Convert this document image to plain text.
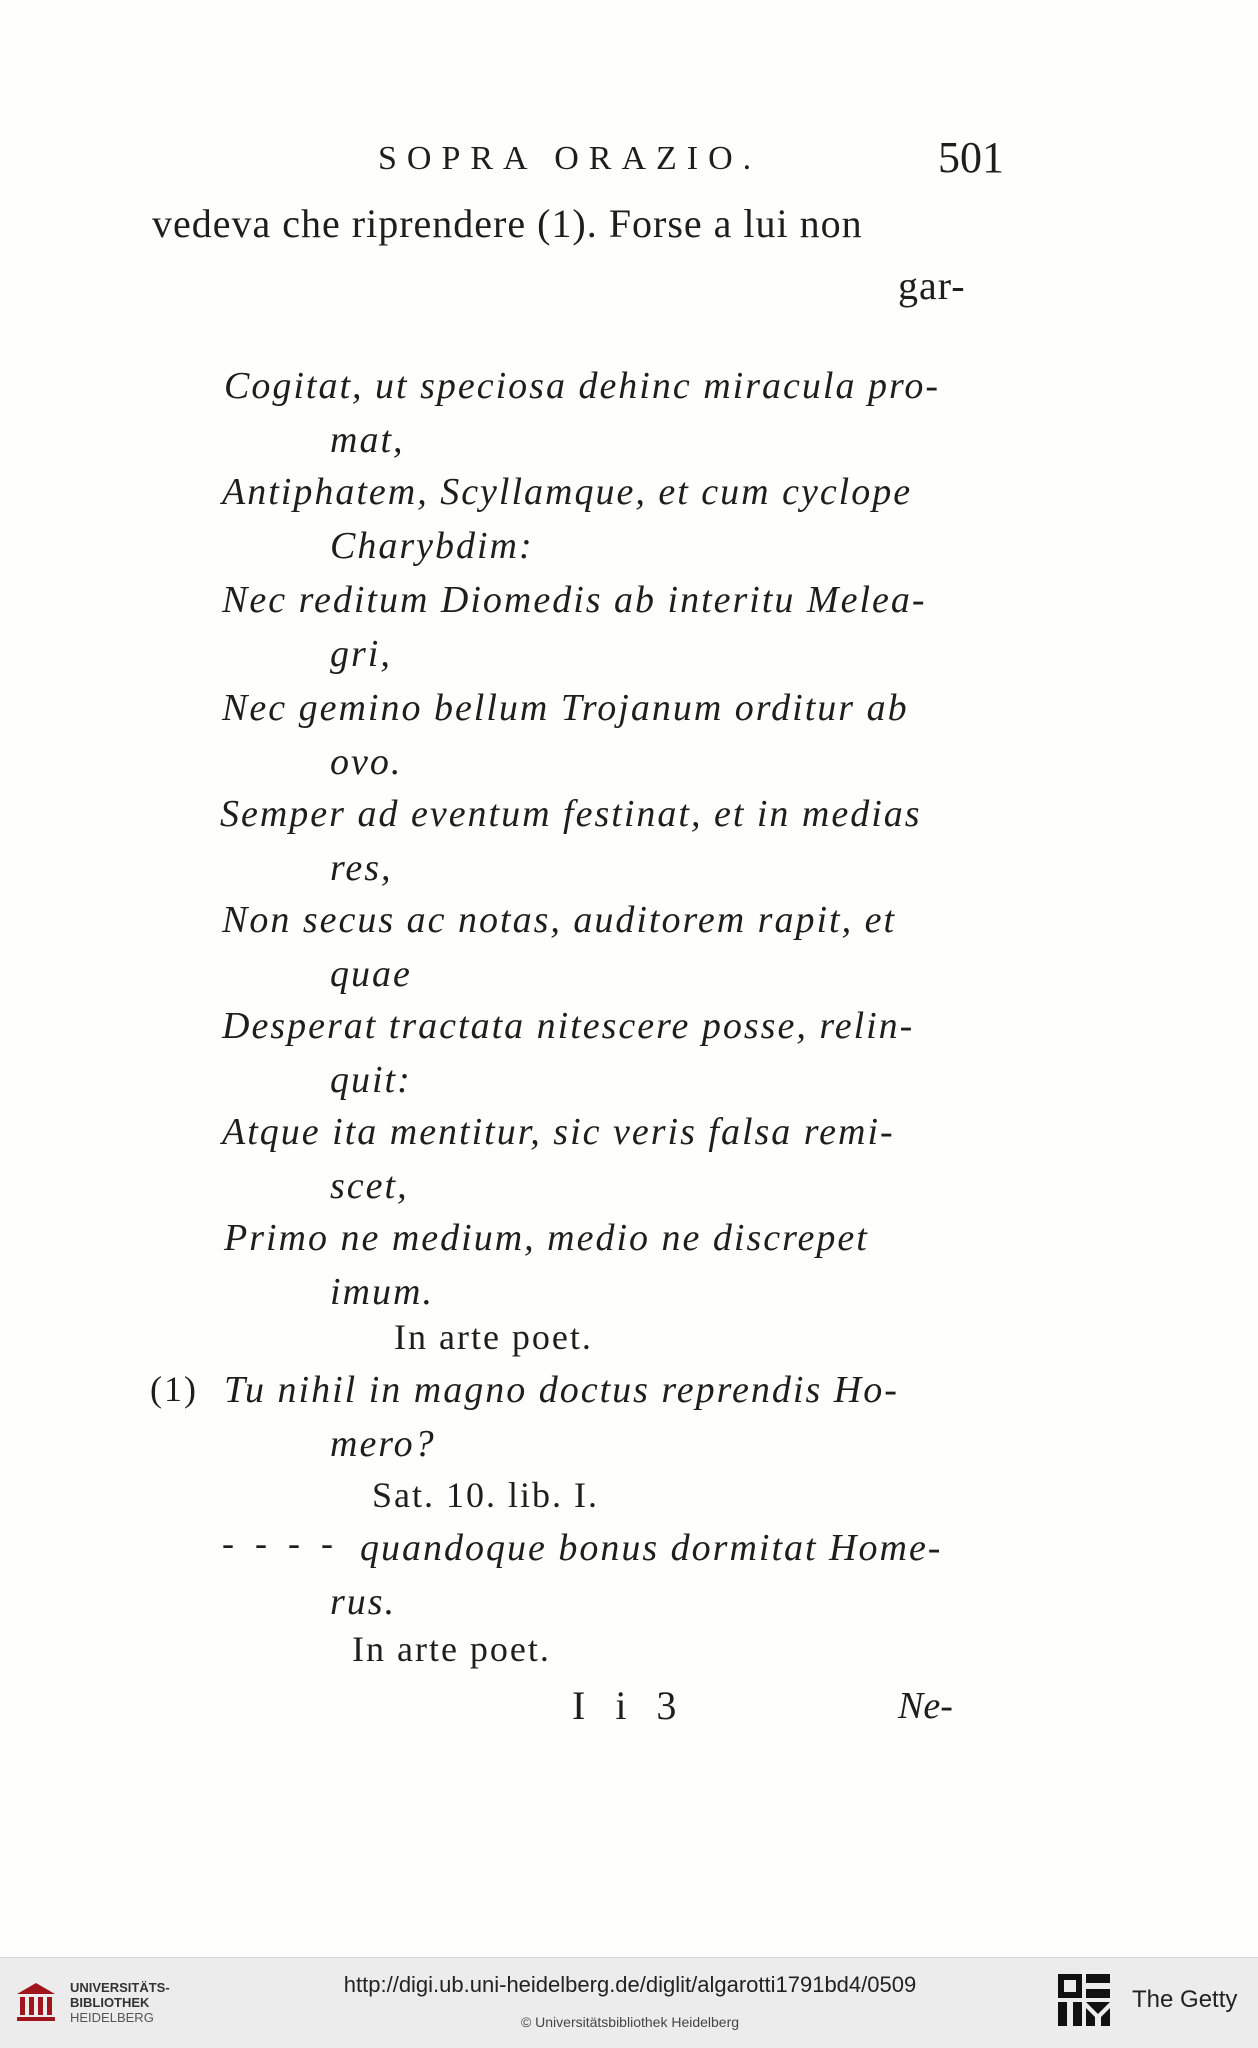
SOPRA ORAZIO.	501
vedeva che riprendere (1). Forse a lui non
gar-
Cogitat, ut speciosa dehinc miracula pro-
mat,
Antiphatem, Scyllamque, et cum cyclope
Charybdim:
Nec reditum Diomedis ab interitu Melea-
gri,
Nec gemino bellum Trojanum orditur ab
ovo.
Semper ad eventum festinat, et in medias
res,
Non secus ac notas, auditorem rapit, et
quae
Desperat tractata nitescere posse, relin-
quit:
Atque ita mentitur, sic veris falsa remi-
scet,
Primo ne medium, medio ne discrepet
imum.
In arte poet.
(1) Tu nihil in magno doctus reprendis Ho-
mero?
Sat. 10. lib. I.
- - - - quandoque bonus dormitat Home-
rus.
In arte poet.
I i 3	Ne-
UNIVERSITÄTS-
BIBLIOTHEK
HEIDELBERG
http://digi.ub.uni-heidelberg.de/diglit/algarotti1791bd4/0509
© Universitätsbibliothek Heidelberg
The Getty
